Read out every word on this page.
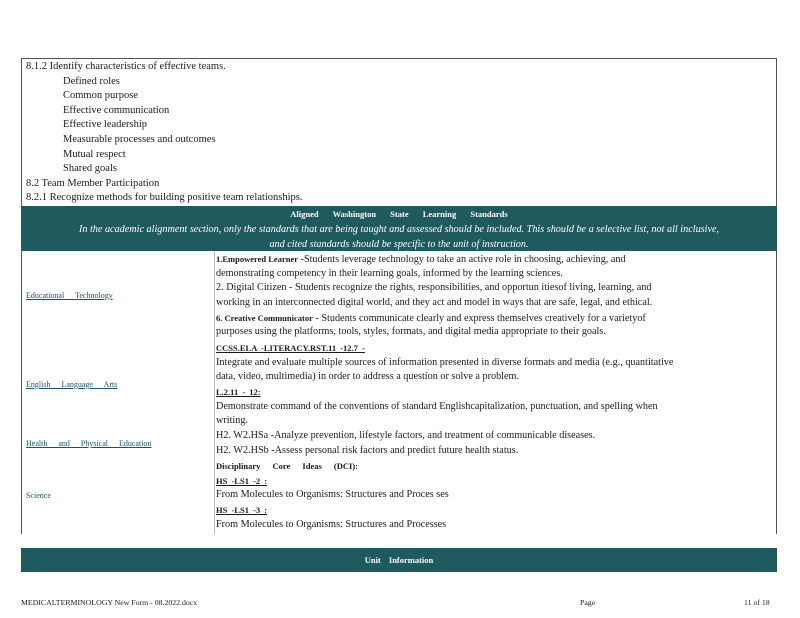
8.1.2 Identify characteristics of effective teams.
Defined roles
Common purpose
Effective communication
Effective leadership
Measurable processes and outcomes
Mutual respect
Shared goals
8.2 Team Member Participation
8.2.1 Recognize methods for building positive team relationships.
Aligned Washington State Learning Standards
In the academic alignment section, only the standards that are being taught and assessed should be included. This should be a selective list, not all inclusive,
and cited standards should be specific to the unit of instruction.
Educational Technology
1.Empowered Learner -Students leverage technology to take an active role in choosing, achieving, and
demonstrating competency in their learning goals, informed by the learning sciences.
2. Digital Citizen - Students recognize the rights, responsibilities, and opportun itiesof living, learning, and
working in an interconnected digital world, and they act and model in ways that are safe, legal, and ethical.
6. Creative Communicator - Students communicate clearly and express themselves creatively for a varietyof
purposes using the platforms, tools, styles, formats, and digital media appropriate to their goals.
English Language Arts
CCSS.ELA -LITERACY.RST.11 -12.7 -
Integrate and evaluate multiple sources of information presented in diverse formats and media (e.g., quantitative
data, video, multimedia) in order to address a question or solve a problem.
L.2.11 - 12:
Demonstrate command of the conventions of standard Englishcapitalization, punctuation, and spelling when
writing.
Health and Physical Education
H2. W2.HSa -Analyze prevention, lifestyle factors, and treatment of communicable diseases.
H2. W2.HSb -Assess personal risk factors and predict future health status.
Science
Disciplinary Core Ideas (DCI):
HS -LS1 -2 :
From Molecules to Organisms: Structures and Proces ses
HS -LS1 -3 :
From Molecules to Organisms: Structures and Processes
Unit Information
MEDICALTERMINOLOGY New Form - 08.2022.docx	Page	11 of 18
